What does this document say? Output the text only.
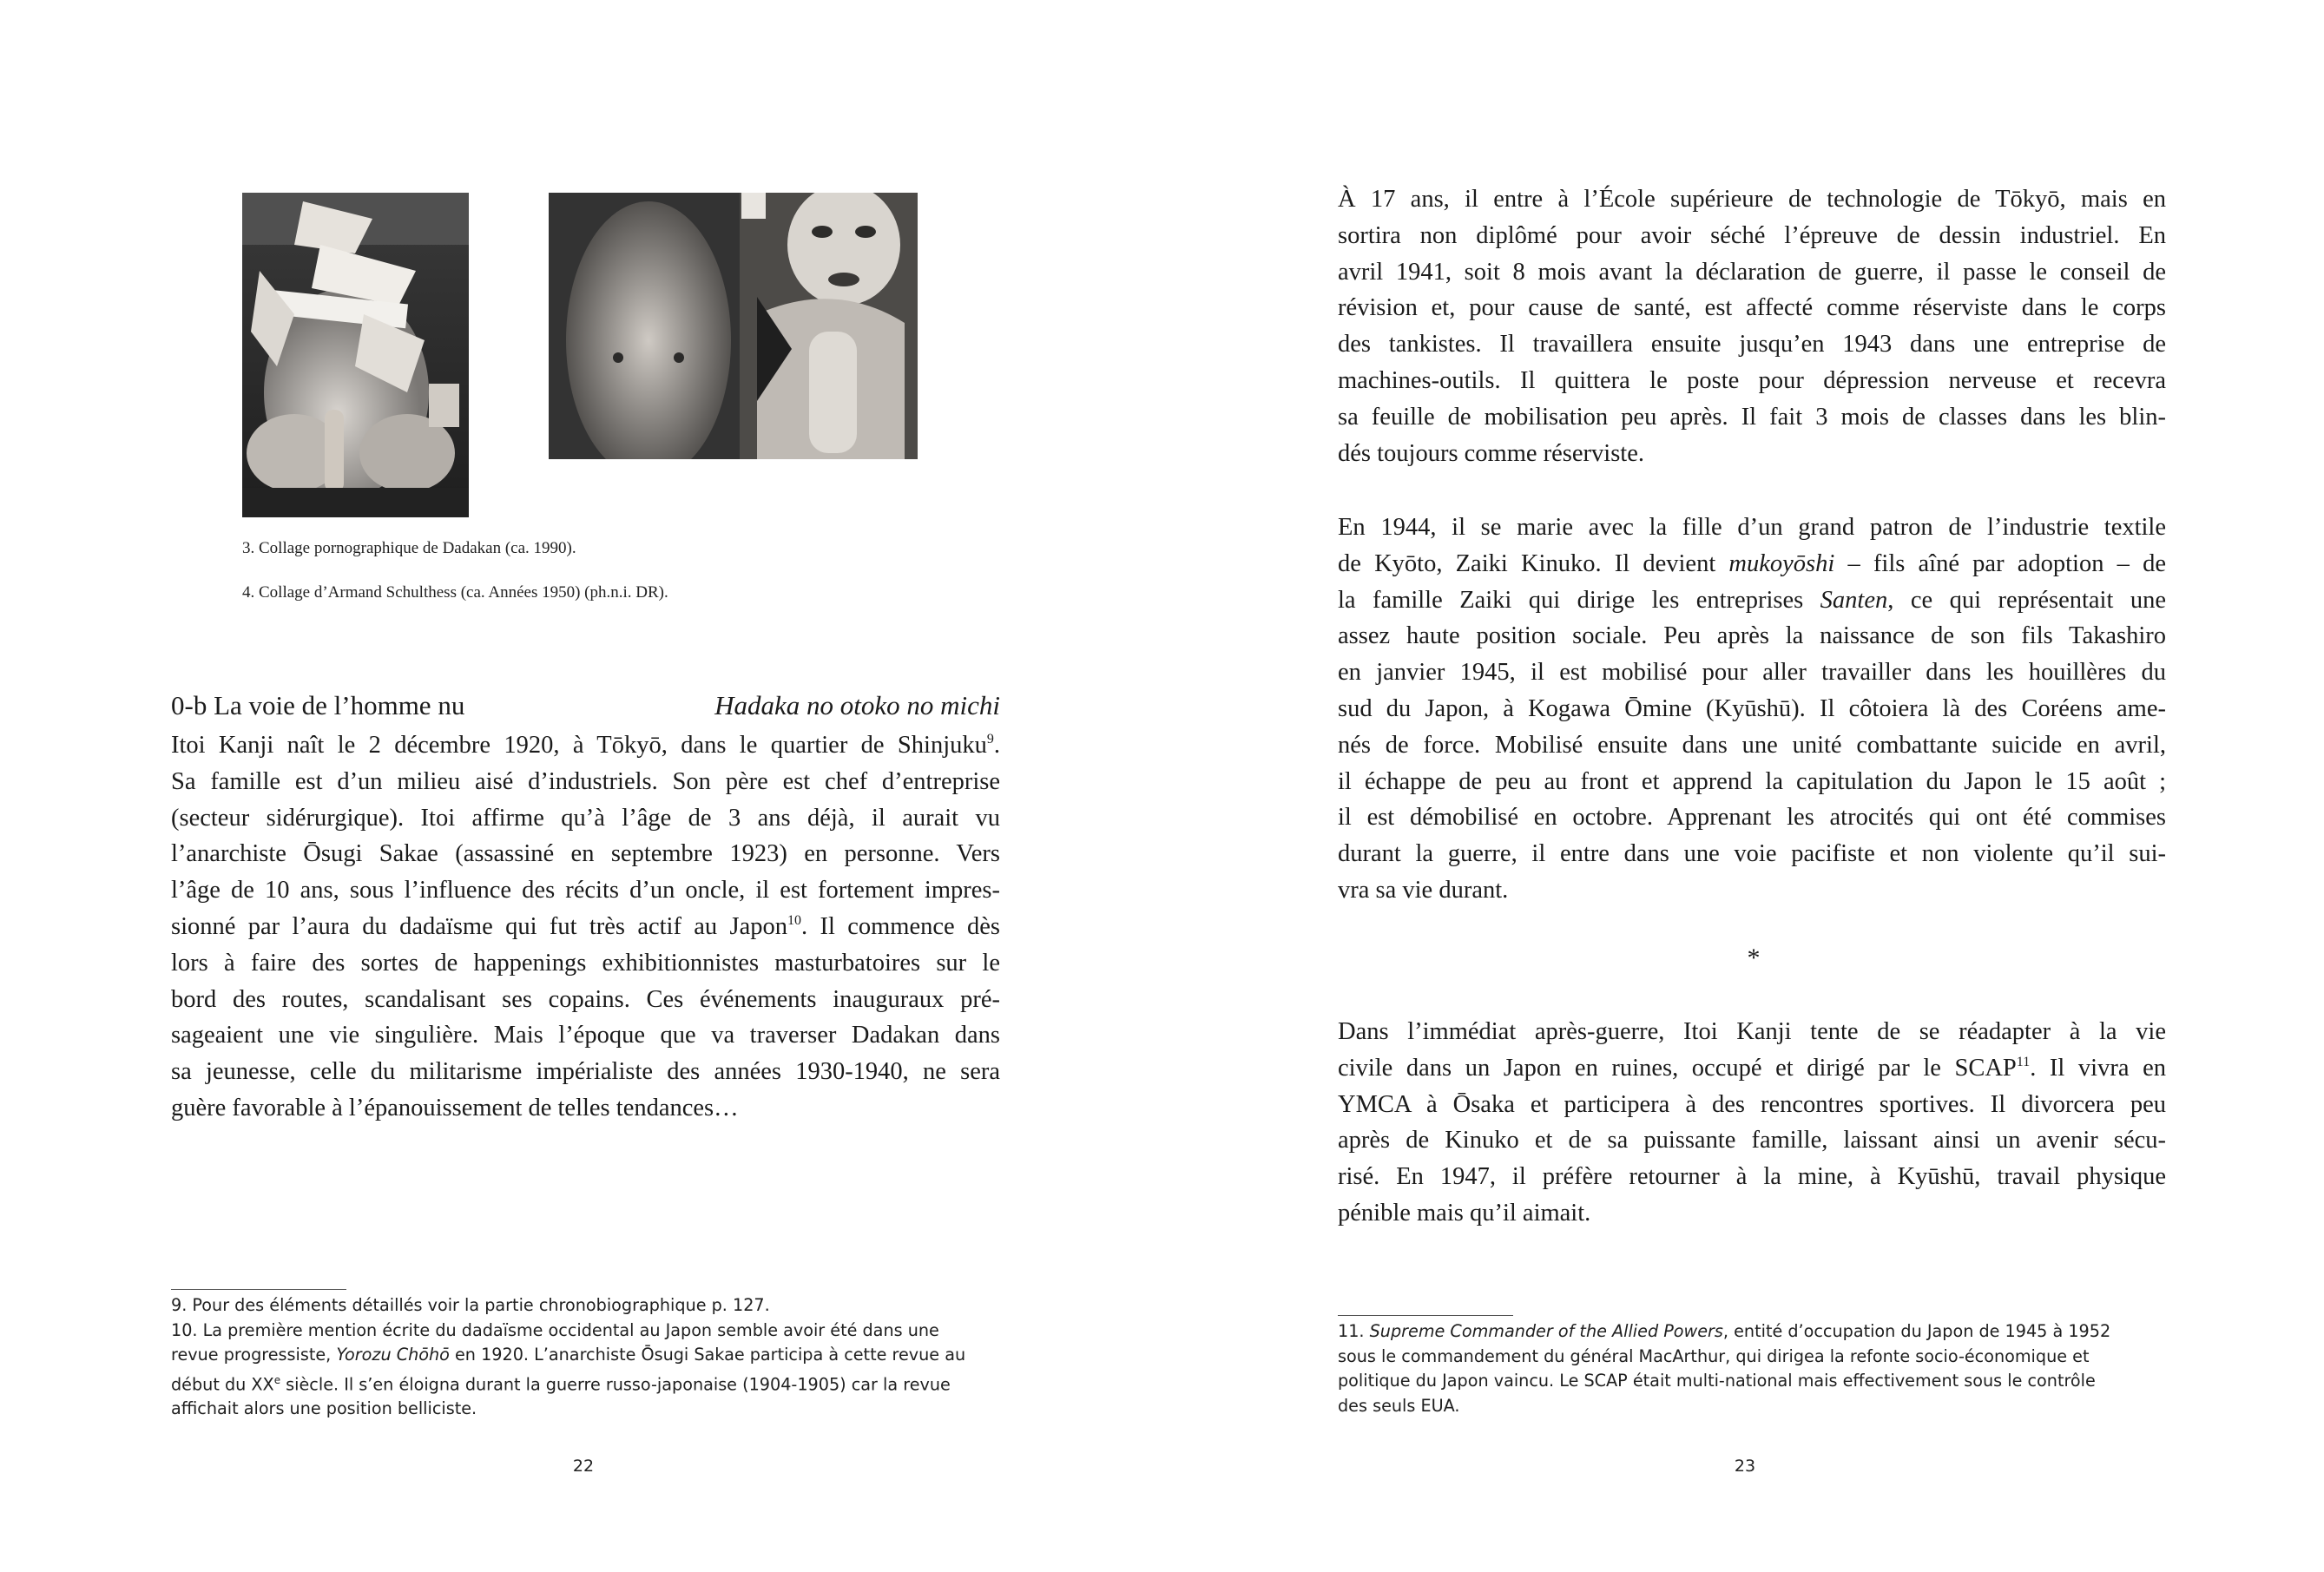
3. Collage pornographique de Dadakan (ca. 1990).
4. Collage d’Armand Schulthess (ca. Années 1950) (ph.n.i. DR).
0-b La voie de l’homme nu	Hadaka no otoko no michi
Itoi Kanji naît le 2 décembre 1920, à Tōkyō, dans le quartier de Shinjuku$^9$.
Sa famille est d’un milieu aisé d’industriels. Son père est chef d’entreprise
(secteur sidérurgique). Itoi affirme qu’à l’âge de 3 ans déjà, il aurait vu
l’anarchiste Ōsugi Sakae (assassiné en septembre 1923) en personne. Vers
l’âge de 10 ans, sous l’influence des récits d’un oncle, il est fortement impres-
sionné par l’aura du dadaïsme qui fut très actif au Japon$^{10}$. Il commence dès
lors à faire des sortes de happenings exhibitionnistes masturbatoires sur le
bord des routes, scandalisant ses copains. Ces événements inauguraux pré-
sageaient une vie singulière. Mais l’époque que va traverser Dadakan dans
sa jeunesse, celle du militarisme impérialiste des années 1930-1940, ne sera
guère favorable à l’épanouissement de telles tendances…
9. Pour des éléments détaillés voir la partie chronobiographique p. 127.
10. La première mention écrite du dadaïsme occidental au Japon semble avoir été dans une
revue progressiste, Yorozu Chōhō en 1920. L’anarchiste Ōsugi Sakae participa à cette revue au
début du XXe siècle. Il s’en éloigna durant la guerre russo-japonaise (1904-1905) car la revue
affichait alors une position belliciste.
22
À 17 ans, il entre à l’École supérieure de technologie de Tōkyō, mais en
sortira non diplômé pour avoir séché l’épreuve de dessin industriel. En
avril 1941, soit 8 mois avant la déclaration de guerre, il passe le conseil de
révision et, pour cause de santé, est affecté comme réserviste dans le corps
des tankistes. Il travaillera ensuite jusqu’en 1943 dans une entreprise de
machines-outils. Il quittera le poste pour dépression nerveuse et recevra
sa feuille de mobilisation peu après. Il fait 3 mois de classes dans les blin-
dés toujours comme réserviste.
En 1944, il se marie avec la fille d’un grand patron de l’industrie textile
de Kyōto, Zaiki Kinuko. Il devient mukoyōshi – fils aîné par adoption – de
la famille Zaiki qui dirige les entreprises Santen, ce qui représentait une
assez haute position sociale. Peu après la naissance de son fils Takashiro
en janvier 1945, il est mobilisé pour aller travailler dans les houillères du
sud du Japon, à Kogawa Ōmine (Kyūshū). Il côtoiera là des Coréens ame-
nés de force. Mobilisé ensuite dans une unité combattante suicide en avril,
il échappe de peu au front et apprend la capitulation du Japon le 15 août ;
il est démobilisé en octobre. Apprenant les atrocités qui ont été commises
durant la guerre, il entre dans une voie pacifiste et non violente qu’il sui-
vra sa vie durant.
*
Dans l’immédiat après-guerre, Itoi Kanji tente de se réadapter à la vie
civile dans un Japon en ruines, occupé et dirigé par le SCAP$^{11}$. Il vivra en
YMCA à Ōsaka et participera à des rencontres sportives. Il divorcera peu
après de Kinuko et de sa puissante famille, laissant ainsi un avenir sécu-
risé. En 1947, il préfère retourner à la mine, à Kyūshū, travail physique
pénible mais qu’il aimait.
11. Supreme Commander of the Allied Powers, entité d’occupation du Japon de 1945 à 1952
sous le commandement du général MacArthur, qui dirigea la refonte socio-économique et
politique du Japon vaincu. Le SCAP était multi-national mais effectivement sous le contrôle
des seuls EUA.
23
